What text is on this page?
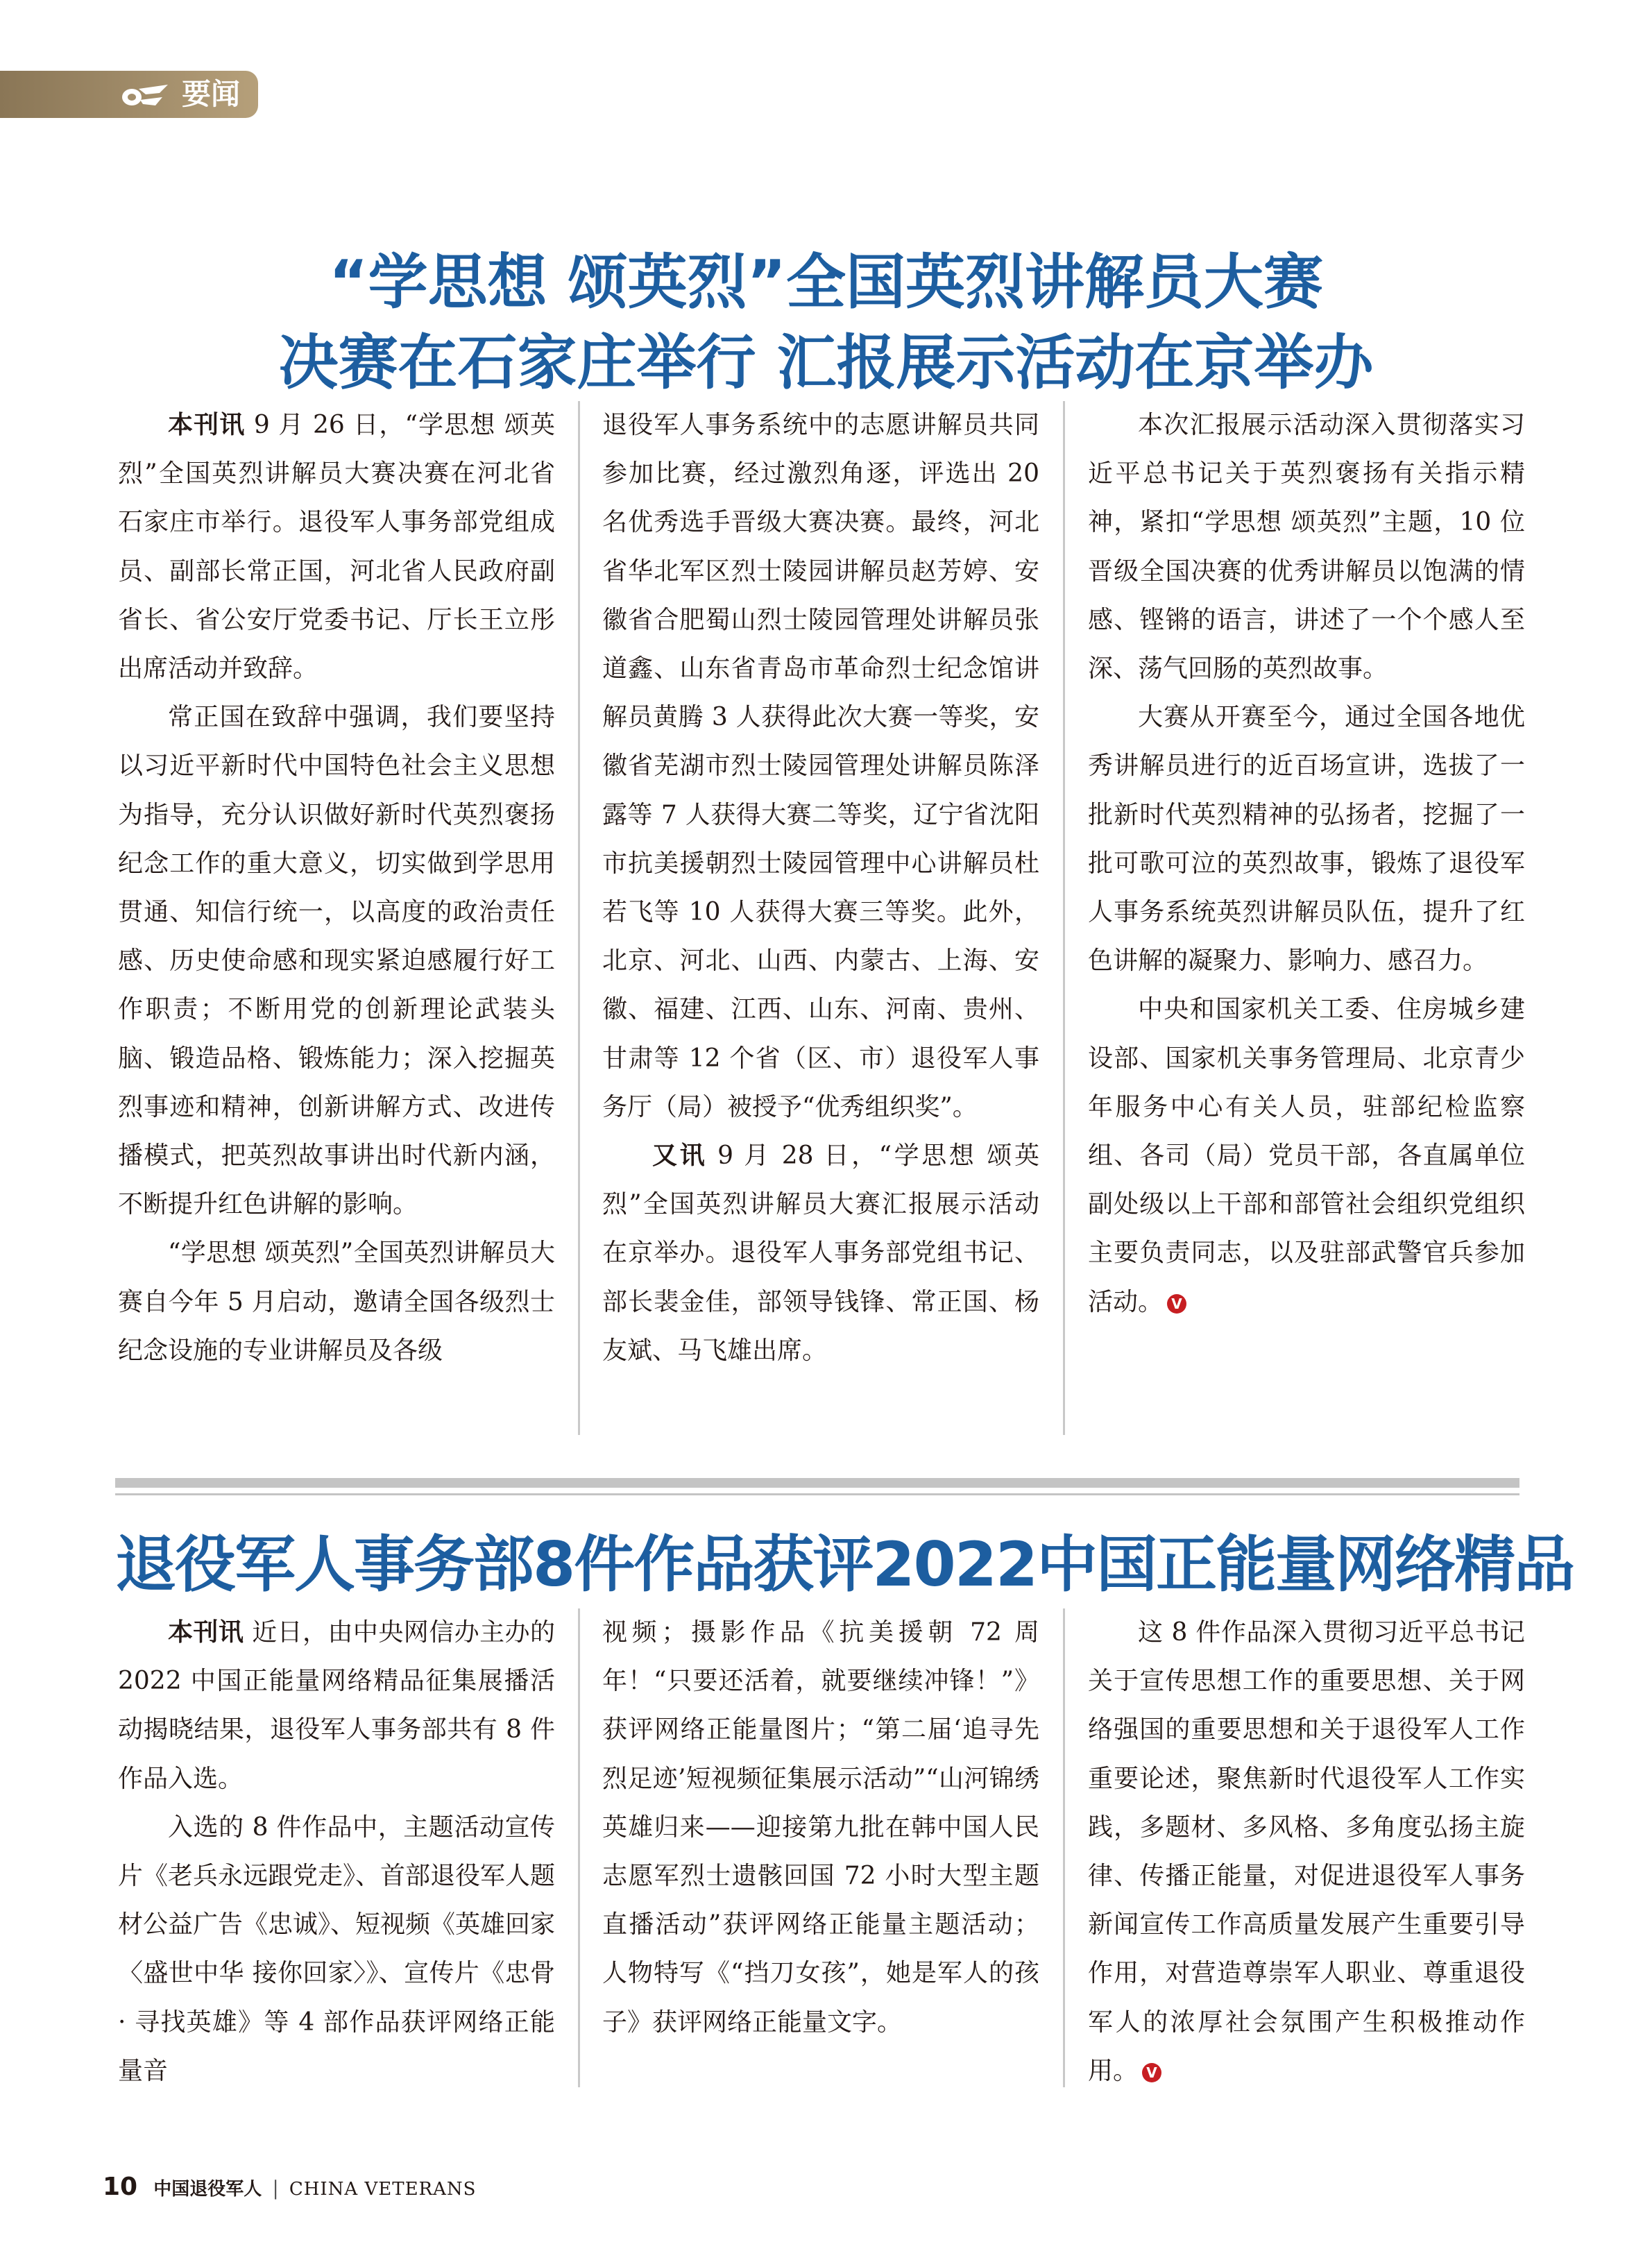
要闻
“学思想 颂英烈”全国英烈讲解员大赛
决赛在石家庄举行 汇报展示活动在京举办

本刊讯 9 月 26 日，“学思想 颂英烈”全国英烈讲解员大赛决赛在河北省石家庄市举行。退役军人事务部党组成员、副部长常正国，河北省人民政府副省长、省公安厅党委书记、厅长王立彤出席活动并致辞。

常正国在致辞中强调，我们要坚持以习近平新时代中国特色社会主义思想为指导，充分认识做好新时代英烈褒扬纪念工作的重大意义，切实做到学思用贯通、知信行统一，以高度的政治责任感、历史使命感和现实紧迫感履行好工作职责；不断用党的创新理论武装头脑、锻造品格、锻炼能力；深入挖掘英烈事迹和精神，创新讲解方式、改进传播模式，把英烈故事讲出时代新内涵，不断提升红色讲解的影响。

“学思想 颂英烈”全国英烈讲解员大赛自今年 5 月启动，邀请全国各级烈士纪念设施的专业讲解员及各级

退役军人事务系统中的志愿讲解员共同参加比赛，经过激烈角逐，评选出 20 名优秀选手晋级大赛决赛。最终，河北省华北军区烈士陵园讲解员赵芳婷、安徽省合肥蜀山烈士陵园管理处讲解员张道鑫、山东省青岛市革命烈士纪念馆讲解员黄腾 3 人获得此次大赛一等奖，安徽省芜湖市烈士陵园管理处讲解员陈泽露等 7 人获得大赛二等奖，辽宁省沈阳市抗美援朝烈士陵园管理中心讲解员杜若飞等 10 人获得大赛三等奖。此外，北京、河北、山西、内蒙古、上海、安徽、福建、江西、山东、河南、贵州、甘肃等 12 个省（区、市）退役军人事务厅（局）被授予“优秀组织奖”。

又讯 9 月 28 日，“学思想 颂英烈”全国英烈讲解员大赛汇报展示活动在京举办。退役军人事务部党组书记、部长裴金佳，部领导钱锋、常正国、杨友斌、马飞雄出席。

本次汇报展示活动深入贯彻落实习近平总书记关于英烈褒扬有关指示精神，紧扣“学思想 颂英烈”主题，10 位晋级全国决赛的优秀讲解员以饱满的情感、铿锵的语言，讲述了一个个感人至深、荡气回肠的英烈故事。

大赛从开赛至今，通过全国各地优秀讲解员进行的近百场宣讲，选拔了一批新时代英烈精神的弘扬者，挖掘了一批可歌可泣的英烈故事，锻炼了退役军人事务系统英烈讲解员队伍，提升了红色讲解的凝聚力、影响力、感召力。

中央和国家机关工委、住房城乡建设部、国家机关事务管理局、北京青少年服务中心有关人员，驻部纪检监察组、各司（局）党员干部，各直属单位副处级以上干部和部管社会组织党组织主要负责同志，以及驻部武警官兵参加活动。 V

退役军人事务部8件作品获评2022中国正能量网络精品

本刊讯 近日，由中央网信办主办的 2022 中国正能量网络精品征集展播活动揭晓结果，退役军人事务部共有 8 件作品入选。

入选的 8 件作品中，主题活动宣传片《老兵永远跟党走》、首部退役军人题材公益广告《忠诚》、短视频《英雄回家〈盛世中华 接你回家〉》、宣传片《忠骨 · 寻找英雄》等 4 部作品获评网络正能量音

视频；摄影作品《抗美援朝 72 周年！“只要还活着，就要继续冲锋！”》获评网络正能量图片；“第二届‘追寻先烈足迹’短视频征集展示活动”“山河锦绣 英雄归来——迎接第九批在韩中国人民志愿军烈士遗骸回国 72 小时大型主题直播活动”获评网络正能量主题活动；人物特写《“挡刀女孩”，她是军人的孩子》获评网络正能量文字。

这 8 件作品深入贯彻习近平总书记关于宣传思想工作的重要思想、关于网络强国的重要思想和关于退役军人工作重要论述，聚焦新时代退役军人工作实践，多题材、多风格、多角度弘扬主旋律、传播正能量，对促进退役军人事务新闻宣传工作高质量发展产生重要引导作用，对营造尊崇军人职业、尊重退役军人的浓厚社会氛围产生积极推动作用。 V

10 中国退役军人 | CHINA VETERANS
